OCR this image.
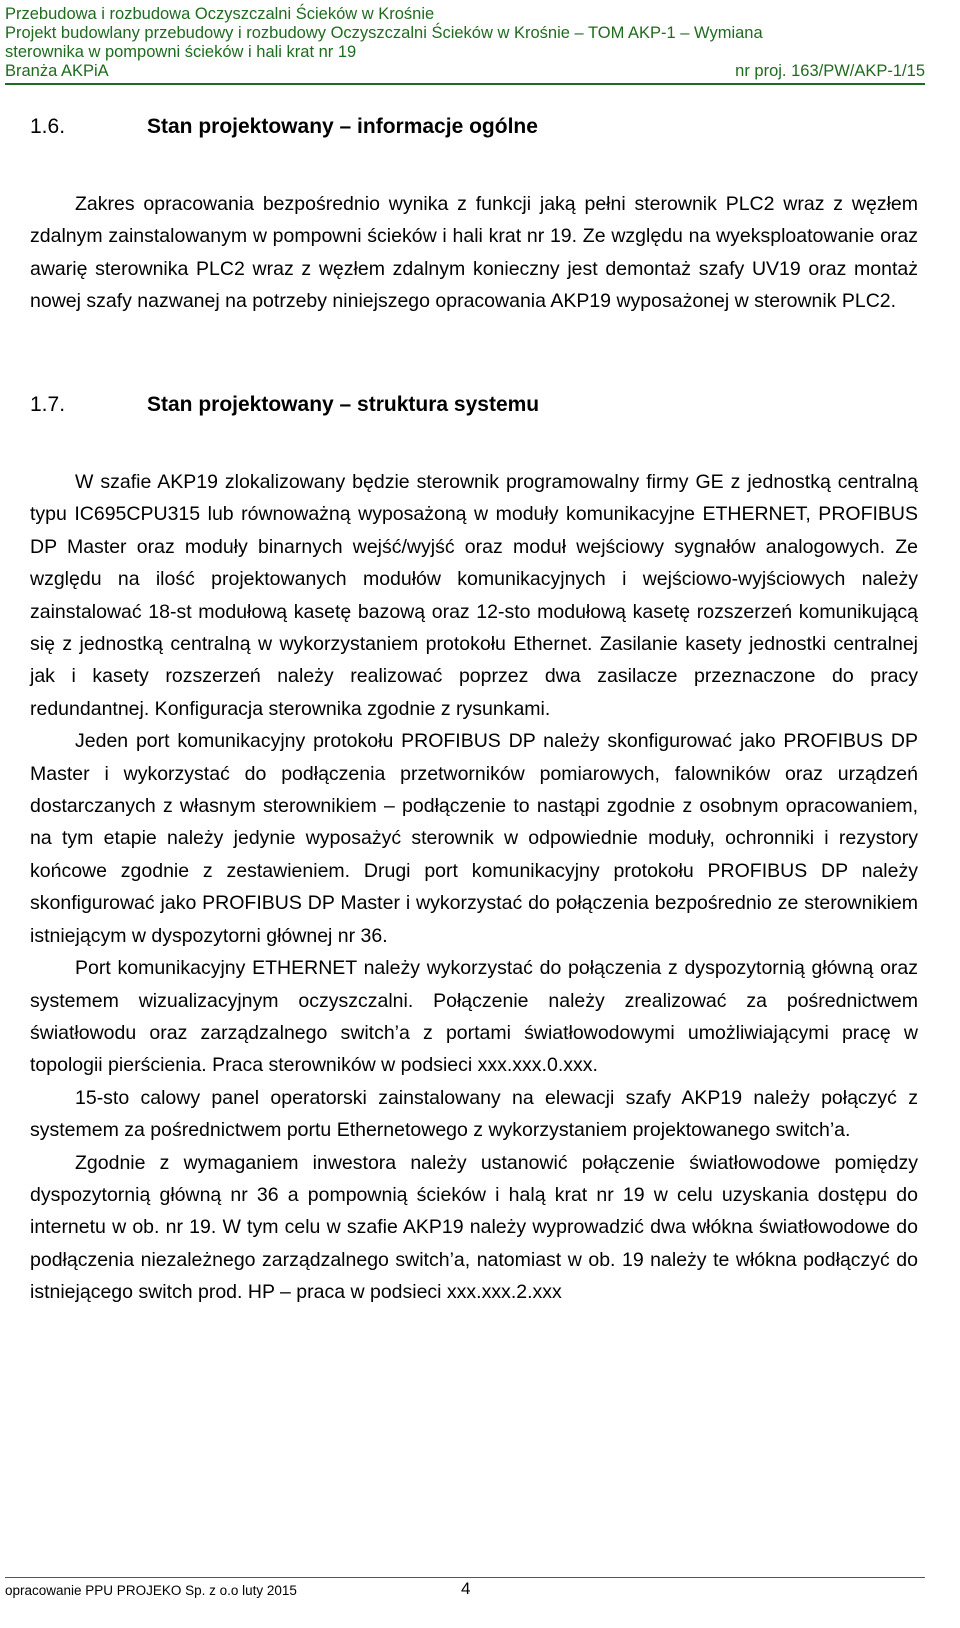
Przebudowa i rozbudowa Oczyszczalni Ścieków w Krośnie
Projekt budowlany przebudowy i rozbudowy Oczyszczalni Ścieków w Krośnie – TOM AKP-1 – Wymiana
sterownika w pompowni ścieków i hali krat nr 19
Branża AKPiA	nr proj. 163/PW/AKP-1/15
1.6.	Stan projektowany – informacje ogólne

Zakres opracowania bezpośrednio wynika z funkcji jaką pełni sterownik PLC2 wraz z węzłem zdalnym zainstalowanym w pompowni ścieków i hali krat nr 19. Ze względu na wyeksploatowanie oraz awarię sterownika PLC2 wraz z węzłem zdalnym konieczny jest demontaż szafy UV19 oraz montaż nowej szafy nazwanej na potrzeby niniejszego opracowania AKP19 wyposażonej w sterownik PLC2.

1.7.	Stan projektowany – struktura systemu

W szafie AKP19 zlokalizowany będzie sterownik programowalny firmy GE z jednostką centralną typu IC695CPU315 lub równoważną wyposażoną w moduły komunikacyjne ETHERNET, PROFIBUS DP Master oraz moduły binarnych wejść/wyjść oraz moduł wejściowy sygnałów analogowych. Ze względu na ilość projektowanych modułów komunikacyjnych i wejściowo-wyjściowych należy zainstalować 18-st modułową kasetę bazową oraz 12-sto modułową kasetę rozszerzeń komunikującą się z jednostką centralną w wykorzystaniem protokołu Ethernet. Zasilanie kasety jednostki centralnej jak i kasety rozszerzeń należy realizować poprzez dwa zasilacze przeznaczone do pracy redundantnej. Konfiguracja sterownika zgodnie z rysunkami.

Jeden port komunikacyjny protokołu PROFIBUS DP należy skonfigurować jako PROFIBUS DP Master i wykorzystać do podłączenia przetworników pomiarowych, falowników oraz urządzeń dostarczanych z własnym sterownikiem – podłączenie to nastąpi zgodnie z osobnym opracowaniem, na tym etapie należy jedynie wyposażyć sterownik w odpowiednie moduły, ochronniki i rezystory końcowe zgodnie z zestawieniem. Drugi port komunikacyjny protokołu PROFIBUS DP należy skonfigurować jako PROFIBUS DP Master i wykorzystać do połączenia bezpośrednio ze sterownikiem istniejącym w dyspozytorni głównej nr 36.

Port komunikacyjny ETHERNET należy wykorzystać do połączenia z dyspozytornią główną oraz systemem wizualizacyjnym oczyszczalni. Połączenie należy zrealizować za pośrednictwem światłowodu oraz zarządzalnego switch’a z portami światłowodowymi umożliwiającymi pracę w topologii pierścienia. Praca sterowników w podsieci xxx.xxx.0.xxx.

15-sto calowy panel operatorski zainstalowany na elewacji szafy AKP19 należy połączyć z systemem za pośrednictwem portu Ethernetowego z wykorzystaniem projektowanego switch’a.

Zgodnie z wymaganiem inwestora należy ustanowić połączenie światłowodowe pomiędzy dyspozytornią główną nr 36 a pompownią ścieków i halą krat nr 19 w celu uzyskania dostępu do internetu w ob. nr 19. W tym celu w szafie AKP19 należy wyprowadzić dwa włókna światłowodowe do podłączenia niezależnego zarządzalnego switch’a, natomiast w ob. 19 należy te włókna podłączyć do istniejącego switch prod. HP – praca w podsieci xxx.xxx.2.xxx

opracowanie PPU PROJEKO Sp. z o.o luty 2015	4
